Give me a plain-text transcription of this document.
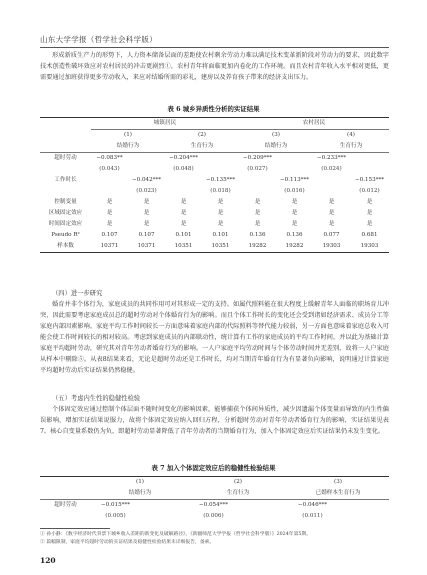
山东大学学报（哲学社会科学版）

形成新质生产力的形势下，人力资本储备层面的差距使农村剩余劳动力难以满足技术变革新阶段对劳动力的要求，因此数字技术创造性破坏效应对农村居民的冲击更剧烈①，农村青年将面临更加内卷化的工作环境。而且农村青年收入水平相对更低，更需要通过加班获得更多劳动收入，来应对结婚所需的彩礼，建房以及养育孩子带来的经济支出压力。

表 6 城乡异质性分析的实证结果
	城镇居民				农村居民			
	(1)		(2)		(3)		(4)	
	结婚行为		生育行为		结婚行为		生育行为	
超时劳动	−0.083**		−0.204***		−0.209***		−0.233***	
	(0.043)		(0.048)		(0.027)		(0.024)	
工作时长		−0.042***		−0.135***		−0.113***		−0.153***
		(0.023)		(0.018)		(0.016)		(0.012)
控制变量	是	是	是	是	是	是	是	是
区域固定效应	是	是	是	是	是	是	是	是
时间固定效应	是	是	是	是	是	是	是	是
Pseudo R²	0.107	0.107	0.101	0.101	0.136	0.136	0.077	0.681
样本数	10371	10371	10351	10351	19282	19282	19303	19303
（四）进一步研究

婚育并非个体行为，家庭成员的共同作用可对其形成一定的支持。如属代照料能在很大程度上缓解青年人面临的职场育儿冲突，因此需要考虑家庭成员总的超时劳动对个体婚育行为的影响。而且个体工作时长的变化还会受到诸如经济需求、成员分工等家庭内部因素影响。家庭平均工作时间较长一方面意味着家庭内部的代际照料等替代能力较弱，另一方面也意味着家庭总收入可能会使工作时间较长的相对较高。考虑到家庭成员的内部联动性，统计算有工作的家庭成员的平均工作时间，并以此为基础计算家庭平均超时劳动，研究其对青年劳动者婚育行为的影响。一人户家庭平均劳动时间与个体劳动时间并无差别，故将一人户家庭从样本中剔除⑤。从表8结果来看，无论是超时劳动还是工作时长，均对当期青年婚育行为有显著负向影响，说明通过计算家庭平均超时劳动后实证结果仍然稳健。

（五）考虑内生性的稳健性检验

个体固定效应通过控制个体层面不随时间变化的影响因素，能够捕获个体间异质性，减少因遗漏个体变量而导致的内生性偏误影响，增加实证结果说服力，故将个体固定效应纳入回归方程，分析超时劳动对青年劳动者婚育行为的影响，实证结果见表7。核心自变量系数仍为负，即超时劳动显著降低了青年劳动者的当期婚育行为，加入个体固定效应后实证结果仍未发生变化。

表 7 加入个体固定效应后的稳健性检验结果
	(1)		(2)		(3)	
	结婚行为		生育行为		已婚样本生育行为	
超时劳动	−0.015***		−0.054***		−0.046***	
	(0.005)		(0.006)		(0.011)	
① 孙小静：《数字经济时代背景下城乡收入差距的新变化及破解路径》，《新疆师范大学学报（哲学社会科学版）》2024年第5期。
② 篇幅限制，家庭平均超时劳动的实证结果及稳健性检验结果未详细报告，备索。
120
